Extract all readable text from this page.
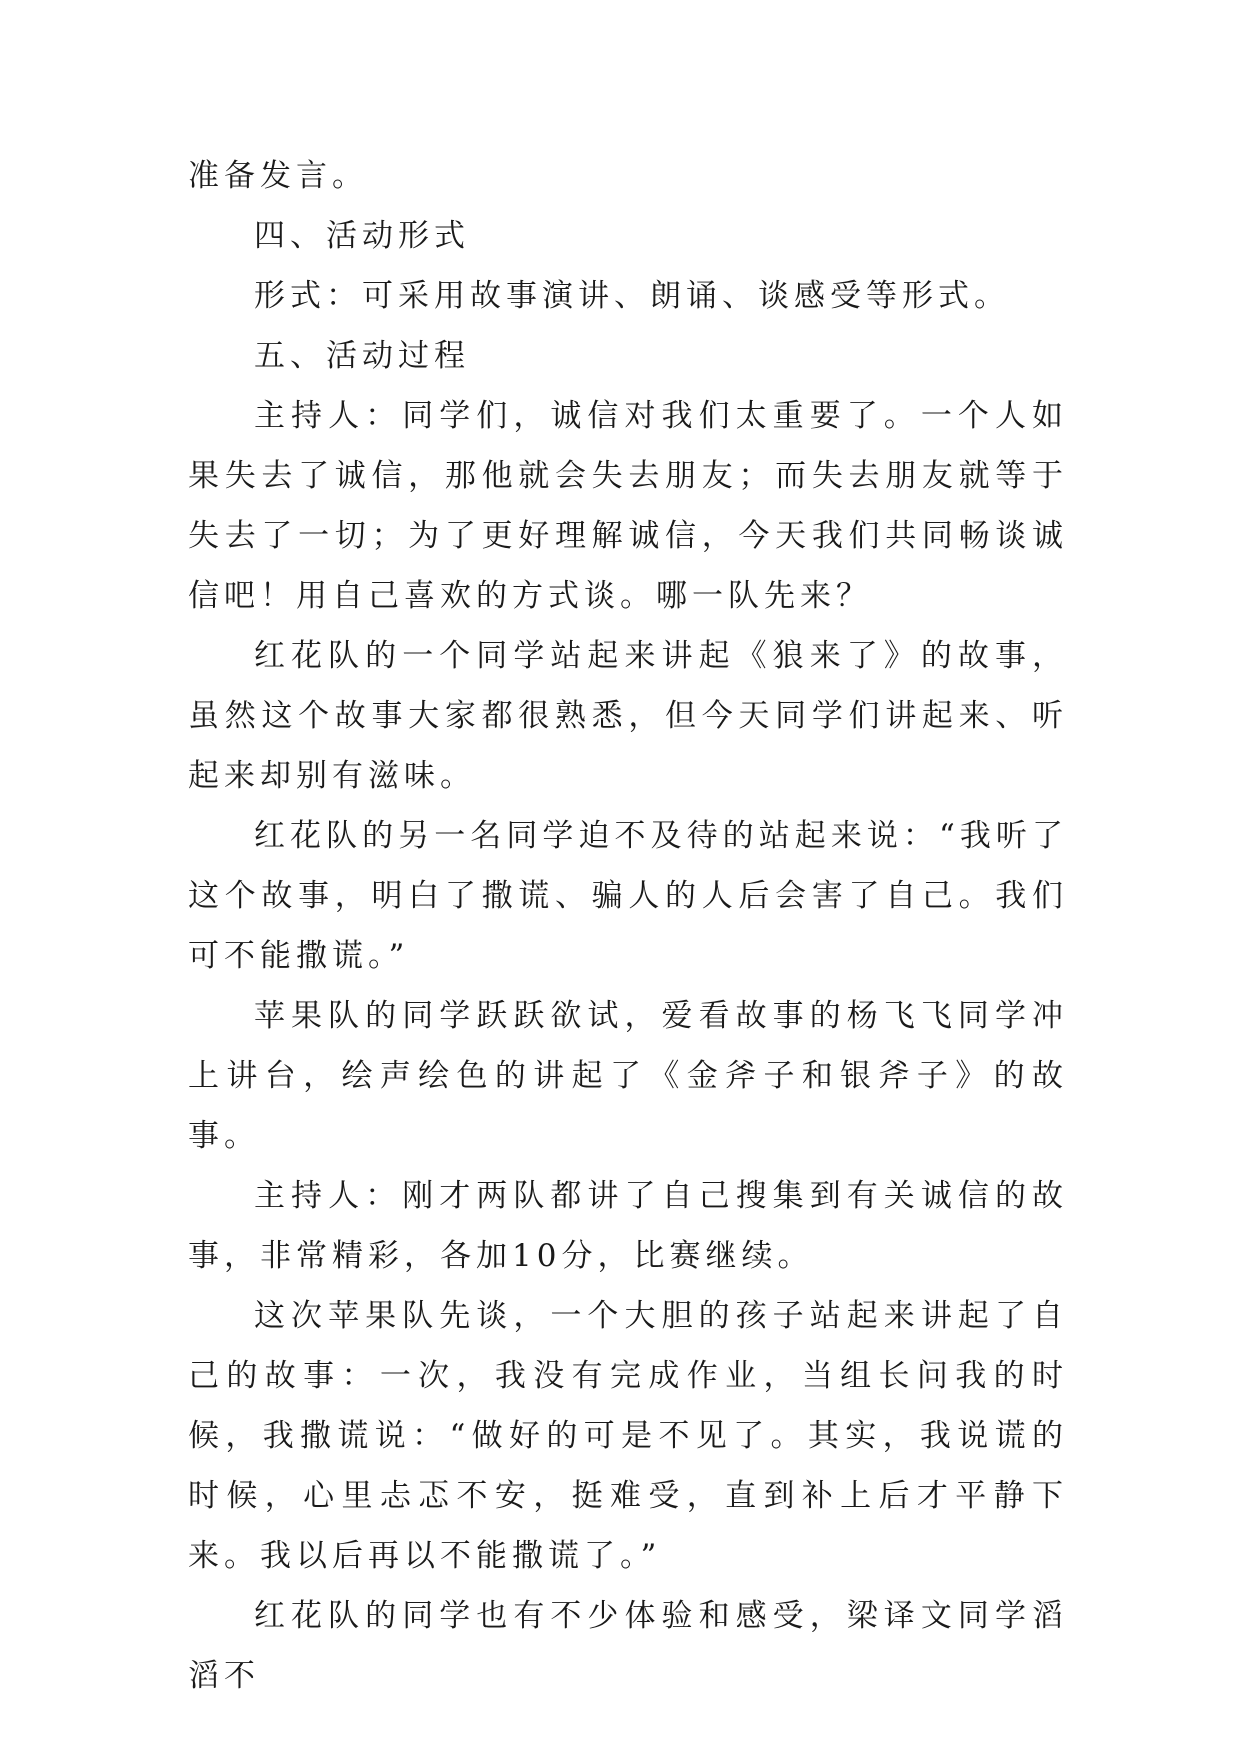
准备发言。

四、活动形式

形式：可采用故事演讲、朗诵、谈感受等形式。

五、活动过程

主持人：同学们，诚信对我们太重要了。一个人如果失去了诚信，那他就会失去朋友；而失去朋友就等于失去了一切；为了更好理解诚信，今天我们共同畅谈诚信吧！用自己喜欢的方式谈。哪一队先来？

红花队的一个同学站起来讲起《狼来了》的故事，虽然这个故事大家都很熟悉，但今天同学们讲起来、听起来却别有滋味。

红花队的另一名同学迫不及待的站起来说：“我听了这个故事，明白了撒谎、骗人的人后会害了自己。我们可不能撒谎。”

苹果队的同学跃跃欲试，爱看故事的杨飞飞同学冲上讲台，绘声绘色的讲起了《金斧子和银斧子》的故事。

主持人：刚才两队都讲了自己搜集到有关诚信的故事，非常精彩，各加10分，比赛继续。

这次苹果队先谈，一个大胆的孩子站起来讲起了自己的故事：一次，我没有完成作业，当组长问我的时候，我撒谎说：“做好的可是不见了。其实，我说谎的时候，心里忐忑不安，挺难受，直到补上后才平静下来。我以后再以不能撒谎了。”

红花队的同学也有不少体验和感受，梁译文同学滔滔不
